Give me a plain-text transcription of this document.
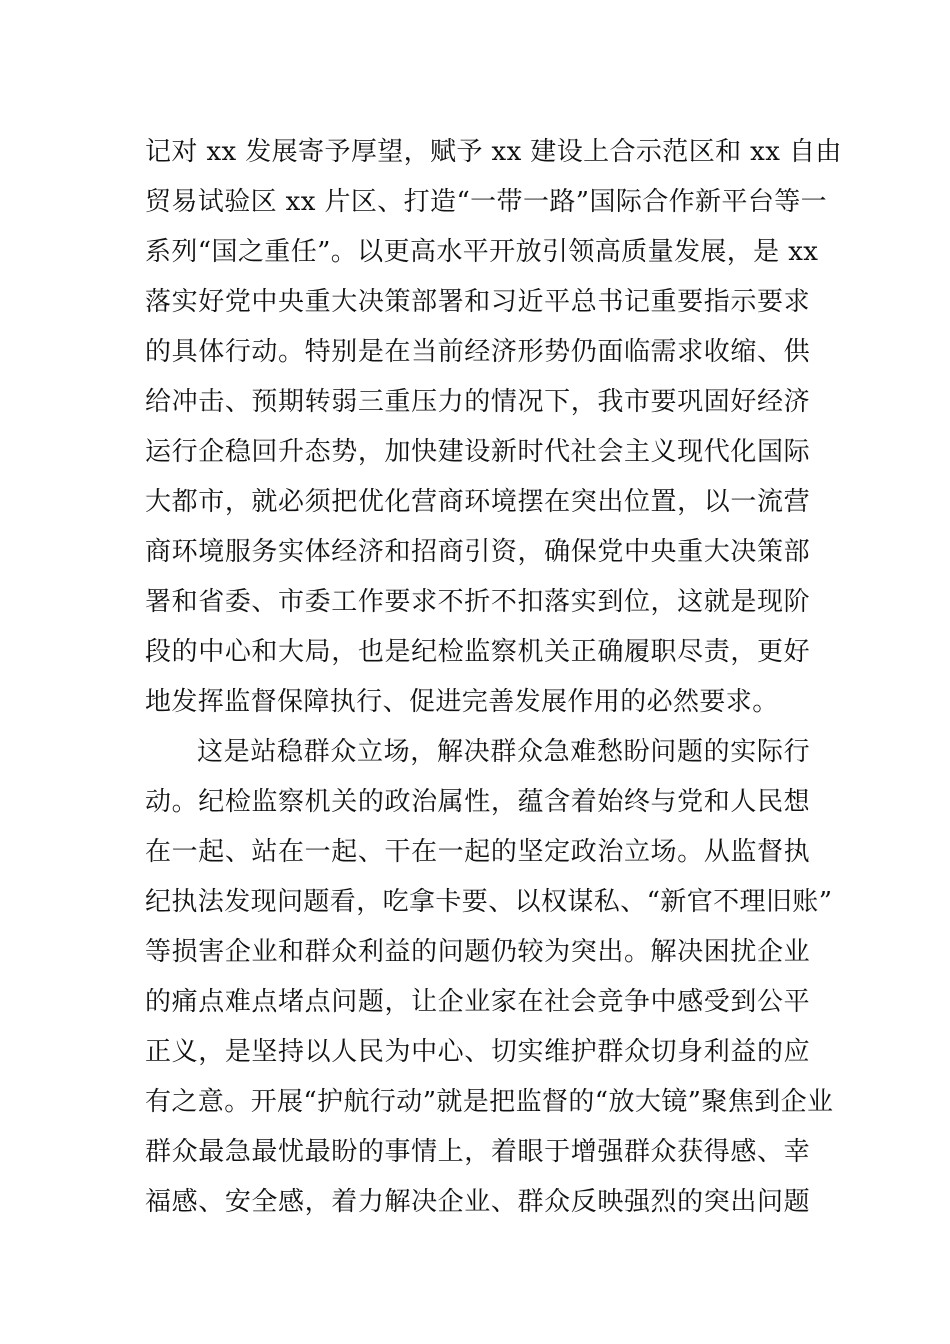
记对 xx 发展寄予厚望，赋予 xx 建设上合示范区和 xx 自由
贸易试验区 xx 片区、打造“一带一路”国际合作新平台等一
系列“国之重任”。以更高水平开放引领高质量发展，是 xx
落实好党中央重大决策部署和习近平总书记重要指示要求
的具体行动。特别是在当前经济形势仍面临需求收缩、供
给冲击、预期转弱三重压力的情况下，我市要巩固好经济
运行企稳回升态势，加快建设新时代社会主义现代化国际
大都市，就必须把优化营商环境摆在突出位置，以一流营
商环境服务实体经济和招商引资，确保党中央重大决策部
署和省委、市委工作要求不折不扣落实到位，这就是现阶
段的中心和大局，也是纪检监察机关正确履职尽责，更好
地发挥监督保障执行、促进完善发展作用的必然要求。
这是站稳群众立场，解决群众急难愁盼问题的实际行
动。纪检监察机关的政治属性，蕴含着始终与党和人民想
在一起、站在一起、干在一起的坚定政治立场。从监督执
纪执法发现问题看，吃拿卡要、以权谋私、“新官不理旧账”
等损害企业和群众利益的问题仍较为突出。解决困扰企业
的痛点难点堵点问题，让企业家在社会竞争中感受到公平
正义，是坚持以人民为中心、切实维护群众切身利益的应
有之意。开展“护航行动”就是把监督的“放大镜”聚焦到企业
群众最急最忧最盼的事情上，着眼于增强群众获得感、幸
福感、安全感，着力解决企业、群众反映强烈的突出问题
